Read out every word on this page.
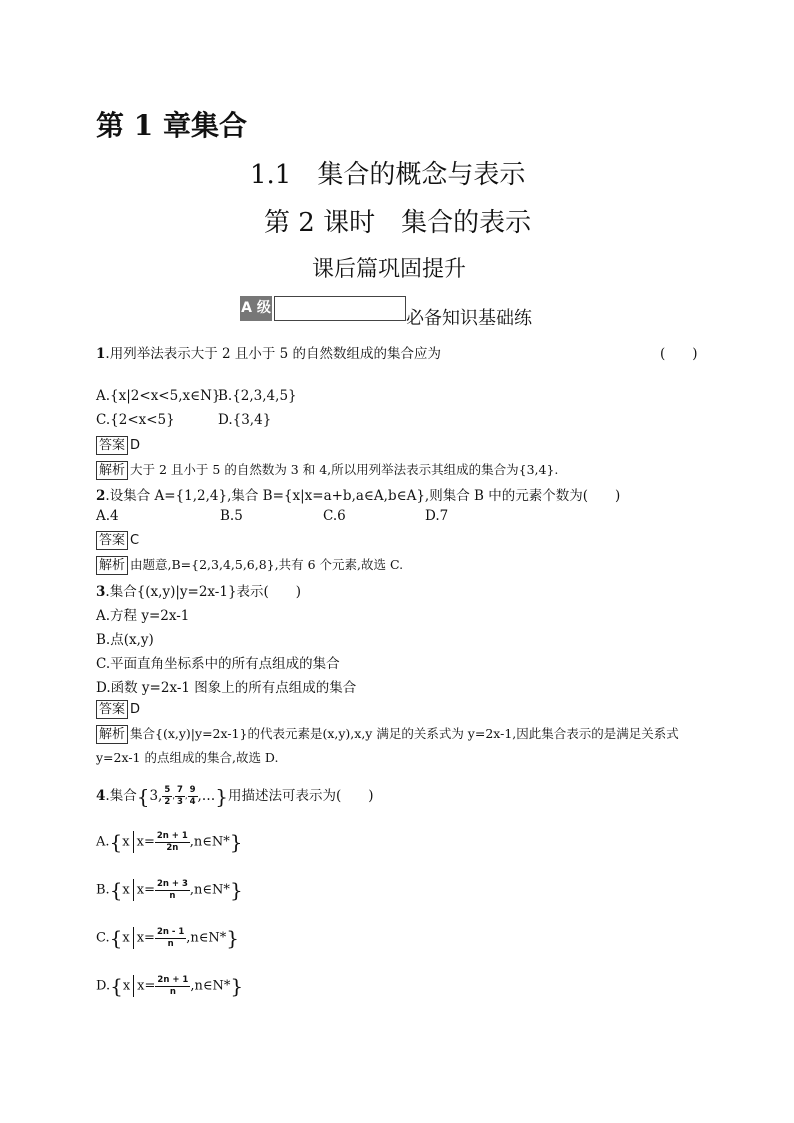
第 1 章集合
1.1　集合的概念与表示
第 2 课时　集合的表示
课后篇巩固提升
A 级	必备知识基础练
1.用列举法表示大于 2 且小于 5 的自然数组成的集合应为	(　　)
A.{x|2<x<5,x∈N}
B.{2,3,4,5}
C.{2<x<5}	D.{3,4}
答案 D
解析 大于 2 且小于 5 的自然数为 3 和 4,所以用列举法表示其组成的集合为{3,4}.
2.设集合 A={1,2,4},集合 B={x|x=a+b,a∈A,b∈A},则集合 B 中的元素个数为(　　)
A.4	B.5	C.6	D.7
答案 C
解析 由题意,B={2,3,4,5,6,8},共有 6 个元素,故选 C.
3.集合{(x,y)|y=2x-1}表示(　　)
A.方程 y=2x-1
B.点(x,y)
C.平面直角坐标系中的所有点组成的集合
D.函数 y=2x-1 图象上的所有点组成的集合
答案 D
解析 集合{(x,y)|y=2x-1}的代表元素是(x,y),x,y 满足的关系式为 y=2x-1,因此集合表示的是满足关系式
y=2x-1 的点组成的集合,故选 D.
4.集合{3, $\frac{5}{2}$ , $\frac{7}{3}$ , $\frac{9}{4}$ ,…}用描述法可表示为(　　)
A.{x $x= \frac{2n + 1}{2n}$ ,n∈N*}
B.{x $x= \frac{2n + 3}{n}$ ,n∈N*}
C.{x $x= \frac{2n - 1}{n}$ ,n∈N*}
D.{x $x= \frac{2n + 1}{n}$ ,n∈N*}
